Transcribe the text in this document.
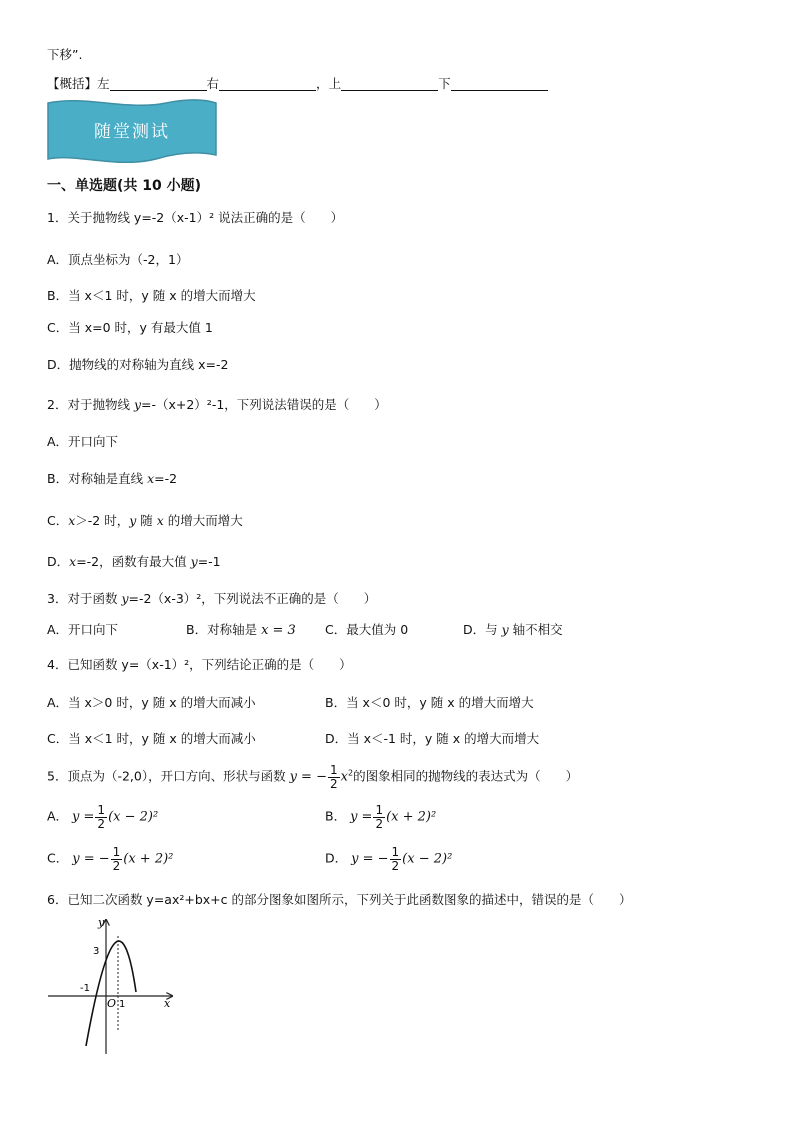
下移”.
【概括】左	右	，上	下
随堂测试
一、单选题(共 10 小题)
1．关于抛物线 y=-2（x-1）² 说法正确的是（　　）
A．顶点坐标为（-2，1）
B．当 x＜1 时，y 随 x 的增大而增大
C．当 x=0 时，y 有最大值 1
D．抛物线的对称轴为直线 x=-2
2．对于抛物线 y=-（x+2）²-1，下列说法错误的是（　　）
A．开口向下
B．对称轴是直线 x=-2
C．x＞-2 时，y 随 x 的增大而增大
D．x=-2，函数有最大值 y=-1
3．对于函数 y=-2（x-3）²，下列说法不正确的是（　　）
A．开口向下	B．对称轴是 x = 3 C．最大值为 0	D．与 y 轴不相交
4．已知函数 y=（x-1）²，下列结论正确的是（　　）
A．当 x＞0 时，y 随 x 的增大而减小	B．当 x＜0 时，y 随 x 的增大而增大
C．当 x＜1 时，y 随 x 的增大而减小	D．当 x＜-1 时，y 随 x 的增大而增大
5．顶点为（-2,0），开口方向、形状与函数 y = − $\frac{1}{2} x^2$的图象相同的抛物线的表达式为（　　）
A． $y = \frac{1}{2} (x - 2)^2$	B． $y = \frac{1}{2} (x + 2)^2$
C． y = − $\frac{1}{2} (x + 2)^2$	D． y = − $\frac{1}{2} (x - 2)^2$
6．已知二次函数 y=ax²+bx+c 的部分图象如图所示，下列关于此函数图象的描述中，错误的是（　　）
y
x
O
3
-1
1
